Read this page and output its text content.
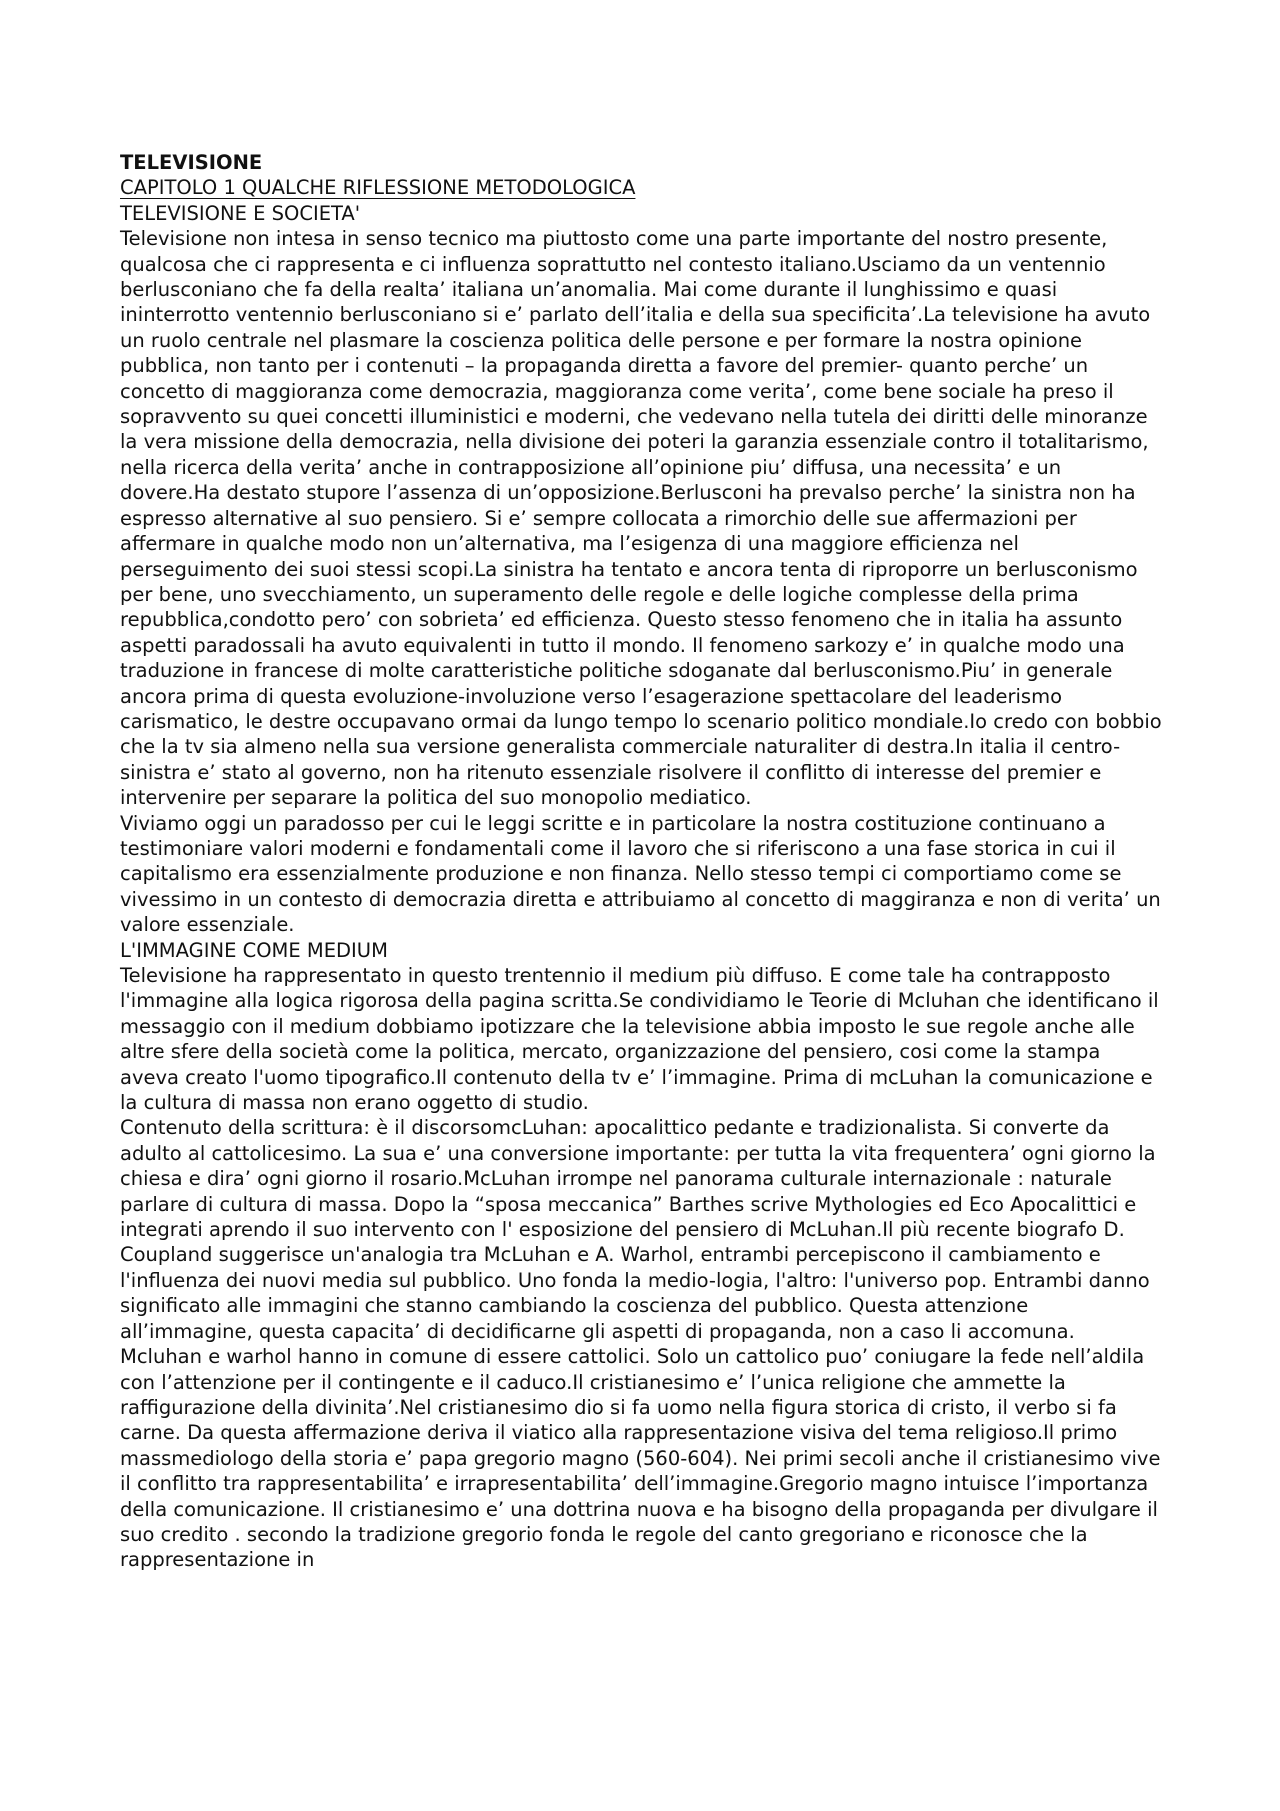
TELEVISIONE
CAPITOLO 1 QUALCHE RIFLESSIONE METODOLOGICA
TELEVISIONE E SOCIETA'

Televisione non intesa in senso tecnico ma piuttosto come una parte importante del nostro presente, qualcosa che ci rappresenta e ci influenza soprattutto nel contesto italiano.Usciamo da un ventennio berlusconiano che fa della realta’ italiana un’anomalia. Mai come durante il lunghissimo e quasi ininterrotto ventennio berlusconiano si e’ parlato dell’italia e della sua specificita’.La televisione ha avuto un ruolo centrale nel plasmare la coscienza politica delle persone e per formare la nostra opinione pubblica, non tanto per i contenuti – la propaganda diretta a favore del premier- quanto perche’ un concetto di maggioranza come democrazia, maggioranza come verita’, come bene sociale ha preso il sopravvento su quei concetti illuministici e moderni, che vedevano nella tutela dei diritti delle minoranze la vera missione della democrazia, nella divisione dei poteri la garanzia essenziale contro il totalitarismo, nella ricerca della verita’ anche in contrapposizione all’opinione piu’ diffusa, una necessita’ e un dovere.Ha destato stupore l’assenza di un’opposizione.Berlusconi ha prevalso perche’ la sinistra non ha espresso alternative al suo pensiero. Si e’ sempre collocata a rimorchio delle sue affermazioni per affermare in qualche modo non un’alternativa, ma l’esigenza di una maggiore efficienza nel perseguimento dei suoi stessi scopi.La sinistra ha tentato e ancora tenta di riproporre un berlusconismo per bene, uno svecchiamento, un superamento delle regole e delle logiche complesse della prima repubblica,condotto pero’ con sobrieta’ ed efficienza. Questo stesso fenomeno che in italia ha assunto aspetti paradossali ha avuto equivalenti in tutto il mondo. Il fenomeno sarkozy e’ in qualche modo una traduzione in francese di molte caratteristiche politiche sdoganate dal berlusconismo.Piu’ in generale ancora prima di questa evoluzione-involuzione verso l’esagerazione spettacolare del leaderismo carismatico, le destre occupavano ormai da lungo tempo lo scenario politico mondiale.Io credo con bobbio che la tv sia almeno nella sua versione generalista commerciale naturaliter di destra.In italia il centro-sinistra e’ stato al governo, non ha ritenuto essenziale risolvere il conflitto di interesse del premier e intervenire per separare la politica del suo monopolio mediatico.

Viviamo oggi un paradosso per cui le leggi scritte e in particolare la nostra costituzione continuano a testimoniare valori moderni e fondamentali come il lavoro che si riferiscono a una fase storica in cui il capitalismo era essenzialmente produzione e non finanza. Nello stesso tempi ci comportiamo come se vivessimo in un contesto di democrazia diretta e attribuiamo al concetto di maggiranza e non di verita’ un valore essenziale.

L'IMMAGINE COME MEDIUM

Televisione ha rappresentato in questo trentennio il medium più diffuso. E come tale ha contrapposto l'immagine alla logica rigorosa della pagina scritta.Se condividiamo le Teorie di Mcluhan che identificano il messaggio con il medium dobbiamo ipotizzare che la televisione abbia imposto le sue regole anche alle altre sfere della società come la politica, mercato, organizzazione del pensiero, cosi come la stampa aveva creato l'uomo tipografico.Il contenuto della tv e’ l’immagine. Prima di mcLuhan la comunicazione e la cultura di massa non erano oggetto di studio.

Contenuto della scrittura: è il discorsomcLuhan: apocalittico pedante e tradizionalista. Si converte da adulto al cattolicesimo. La sua e’ una conversione importante: per tutta la vita frequentera’ ogni giorno la chiesa e dira’ ogni giorno il rosario.McLuhan irrompe nel panorama culturale internazionale : naturale parlare di cultura di massa. Dopo la “sposa meccanica” Barthes scrive Mythologies ed Eco Apocalittici e integrati aprendo il suo intervento con l' esposizione del pensiero di McLuhan.Il più recente biografo D. Coupland suggerisce un'analogia tra McLuhan e A. Warhol, entrambi percepiscono il cambiamento e l'influenza dei nuovi media sul pubblico. Uno fonda la medio-logia, l'altro: l'universo pop. Entrambi danno significato alle immagini che stanno cambiando la coscienza del pubblico. Questa attenzione all’immagine, questa capacita’ di decidificarne gli aspetti di propaganda, non a caso li accomuna.

Mcluhan e warhol hanno in comune di essere cattolici. Solo un cattolico puo’ coniugare la fede nell’aldila con l’attenzione per il contingente e il caduco.Il cristianesimo e’ l’unica religione che ammette la raffigurazione della divinita’.Nel cristianesimo dio si fa uomo nella figura storica di cristo, il verbo si fa carne. Da questa affermazione deriva il viatico alla rappresentazione visiva del tema religioso.Il primo massmediologo della storia e’ papa gregorio magno (560-604). Nei primi secoli anche il cristianesimo vive il conflitto tra rappresentabilita’ e irrapresentabilita’ dell’immagine.Gregorio magno intuisce l’importanza della comunicazione. Il cristianesimo e’ una dottrina nuova e ha bisogno della propaganda per divulgare il suo credito . secondo la tradizione gregorio fonda le regole del canto gregoriano e riconosce che la rappresentazione in
